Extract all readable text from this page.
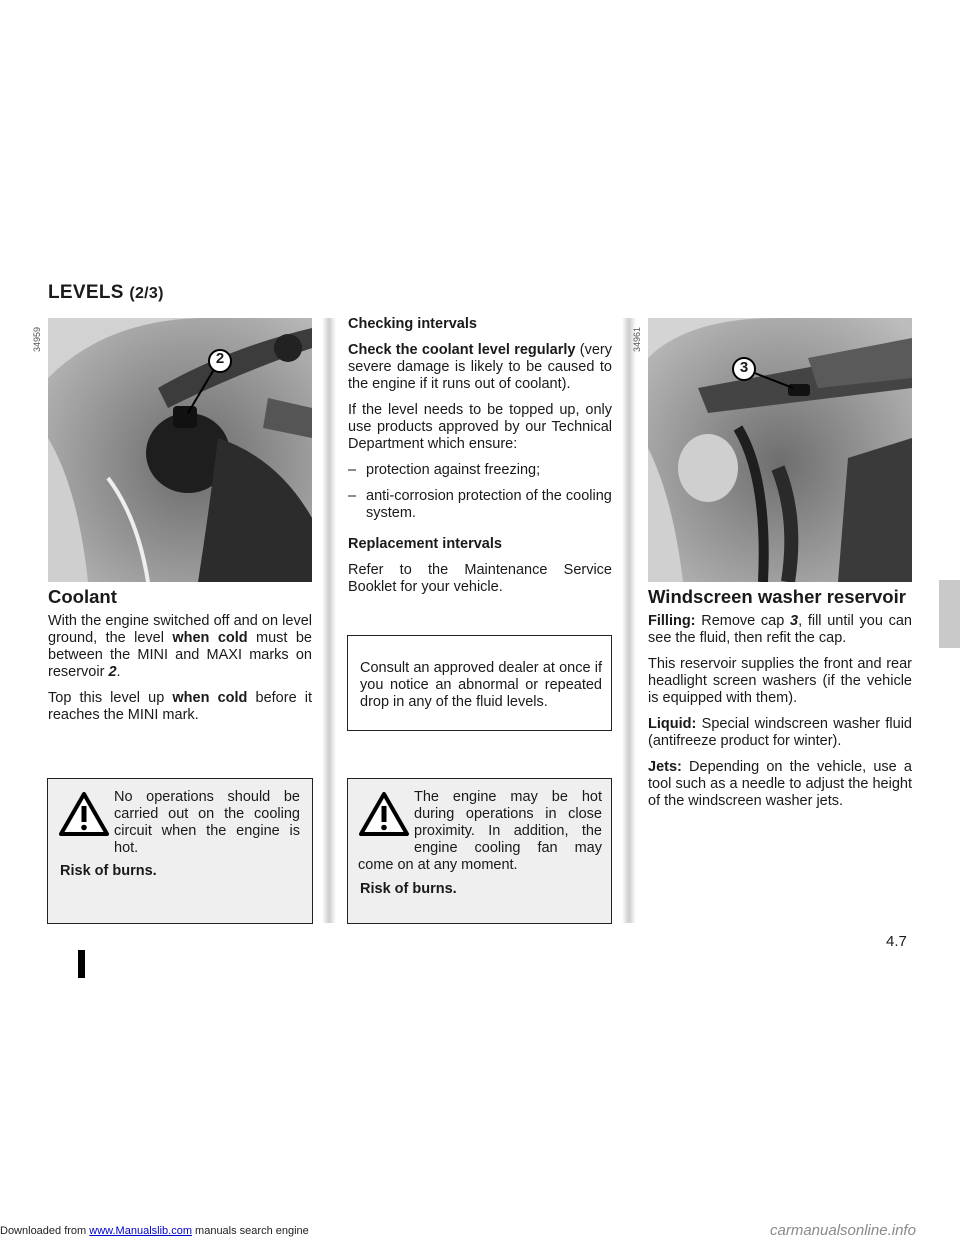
LEVELS (2/3)
34959
2
Coolant

With the engine switched off and on level ground, the level when cold must be between the MINI and MAXI marks on reservoir 2.

Top this level up when cold before it reaches the MINI mark.

No operations should be carried out on the cooling circuit when the engine is hot.
Risk of burns.

Checking intervals

Check the coolant level regularly (very severe damage is likely to be caused to the engine if it runs out of coolant).

If the level needs to be topped up, only use products approved by our Technical Department which ensure:

– protection against freezing;
– anti-corrosion protection of the cooling system.

Replacement intervals

Refer to the Maintenance Service Booklet for your vehicle.

Consult an approved dealer at once if you notice an abnormal or repeated drop in any of the fluid levels.
The engine may be hot during operations in close proximity. In addition, the engine cooling fan may come on at any moment.
Risk of burns.
34961
3
Windscreen washer reservoir

Filling: Remove cap 3, fill until you can see the fluid, then refit the cap.

This reservoir supplies the front and rear headlight screen washers (if the vehicle is equipped with them).

Liquid: Special windscreen washer fluid (antifreeze product for winter).

Jets: Depending on the vehicle, use a tool such as a needle to adjust the height of the windscreen washer jets.

4.7
Downloaded from www.Manualslib.com manuals search engine	carmanualsonline.info
